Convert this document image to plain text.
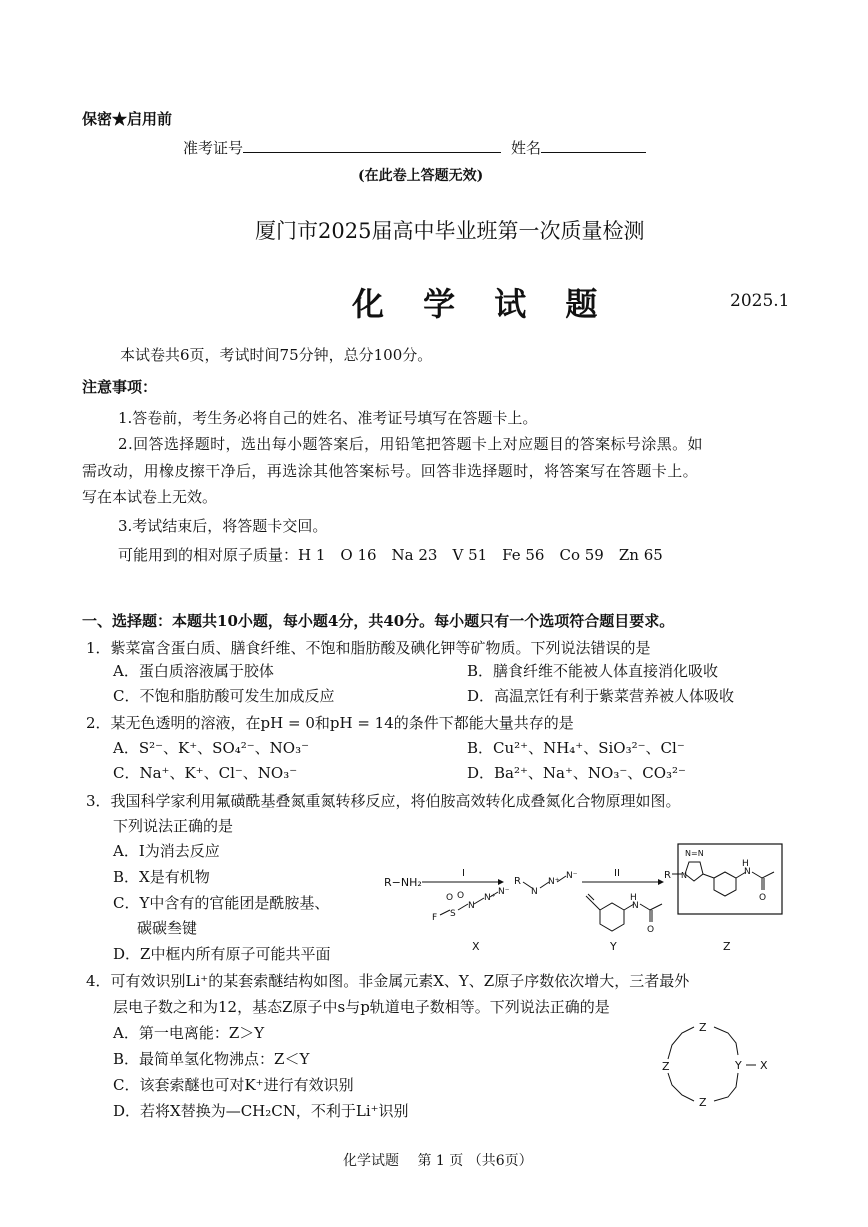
保密★启用前
准考证号	姓名
(在此卷上答题无效)
厦门市2025届高中毕业班第一次质量检测
化 学 试 题	2025.1
本试卷共6页，考试时间75分钟，总分100分。
注意事项：
1.答卷前，考生务必将自己的姓名、准考证号填写在答题卡上。
2.回答选择题时，选出每小题答案后，用铅笔把答题卡上对应题目的答案标号涂黑。如
需改动，用橡皮擦干净后，再选涂其他答案标号。回答非选择题时，将答案写在答题卡上。
写在本试卷上无效。
3.考试结束后，将答题卡交回。
可能用到的相对原子质量：H 1　O 16　Na 23　V 51　Fe 56　Co 59　Zn 65
一、选择题：本题共10小题，每小题4分，共40分。每小题只有一个选项符合题目要求。
1．紫菜富含蛋白质、膳食纤维、不饱和脂肪酸及碘化钾等矿物质。下列说法错误的是
A．蛋白质溶液属于胶体	B．膳食纤维不能被人体直接消化吸收
C．不饱和脂肪酸可发生加成反应	D．高温烹饪有利于紫菜营养被人体吸收
2．某无色透明的溶液，在pH = 0和pH = 14的条件下都能大量共存的是
A．S²⁻、K⁺、SO₄²⁻、NO₃⁻	B．Cu²⁺、NH₄⁺、SiO₃²⁻、Cl⁻
C．Na⁺、K⁺、Cl⁻、NO₃⁻	D．Ba²⁺、Na⁺、NO₃⁻、CO₃²⁻
3．我国科学家利用氟磺酰基叠氮重氮转移反应，将伯胺高效转化成叠氮化合物原理如图。
下列说法正确的是
A．I为消去反应
B．X是有机物
C．Y中含有的官能团是酰胺基、
碳碳叁键
D．Z中框内所有原子可能共平面
R−NH₂
I
F S
O O
N
N⁺
N⁻
X
R
N
N⁺
N⁻	II
H
N
O
Y
R
N=N
N
H
N
O
Z
4．可有效识别Li⁺的某套索醚结构如图。非金属元素X、Y、Z原子序数依次增大，三者最外
层电子数之和为12，基态Z原子中s与p轨道电子数相等。下列说法正确的是
A．第一电离能：Z＞Y
B．最简单氢化物沸点：Z＜Y
C．该套索醚也可对K⁺进行有效识别
D．若将X替换为—CH₂CN，不利于Li⁺识别
Z
Z
Z
Y X
化学试题　 第 1 页 （共6页）
